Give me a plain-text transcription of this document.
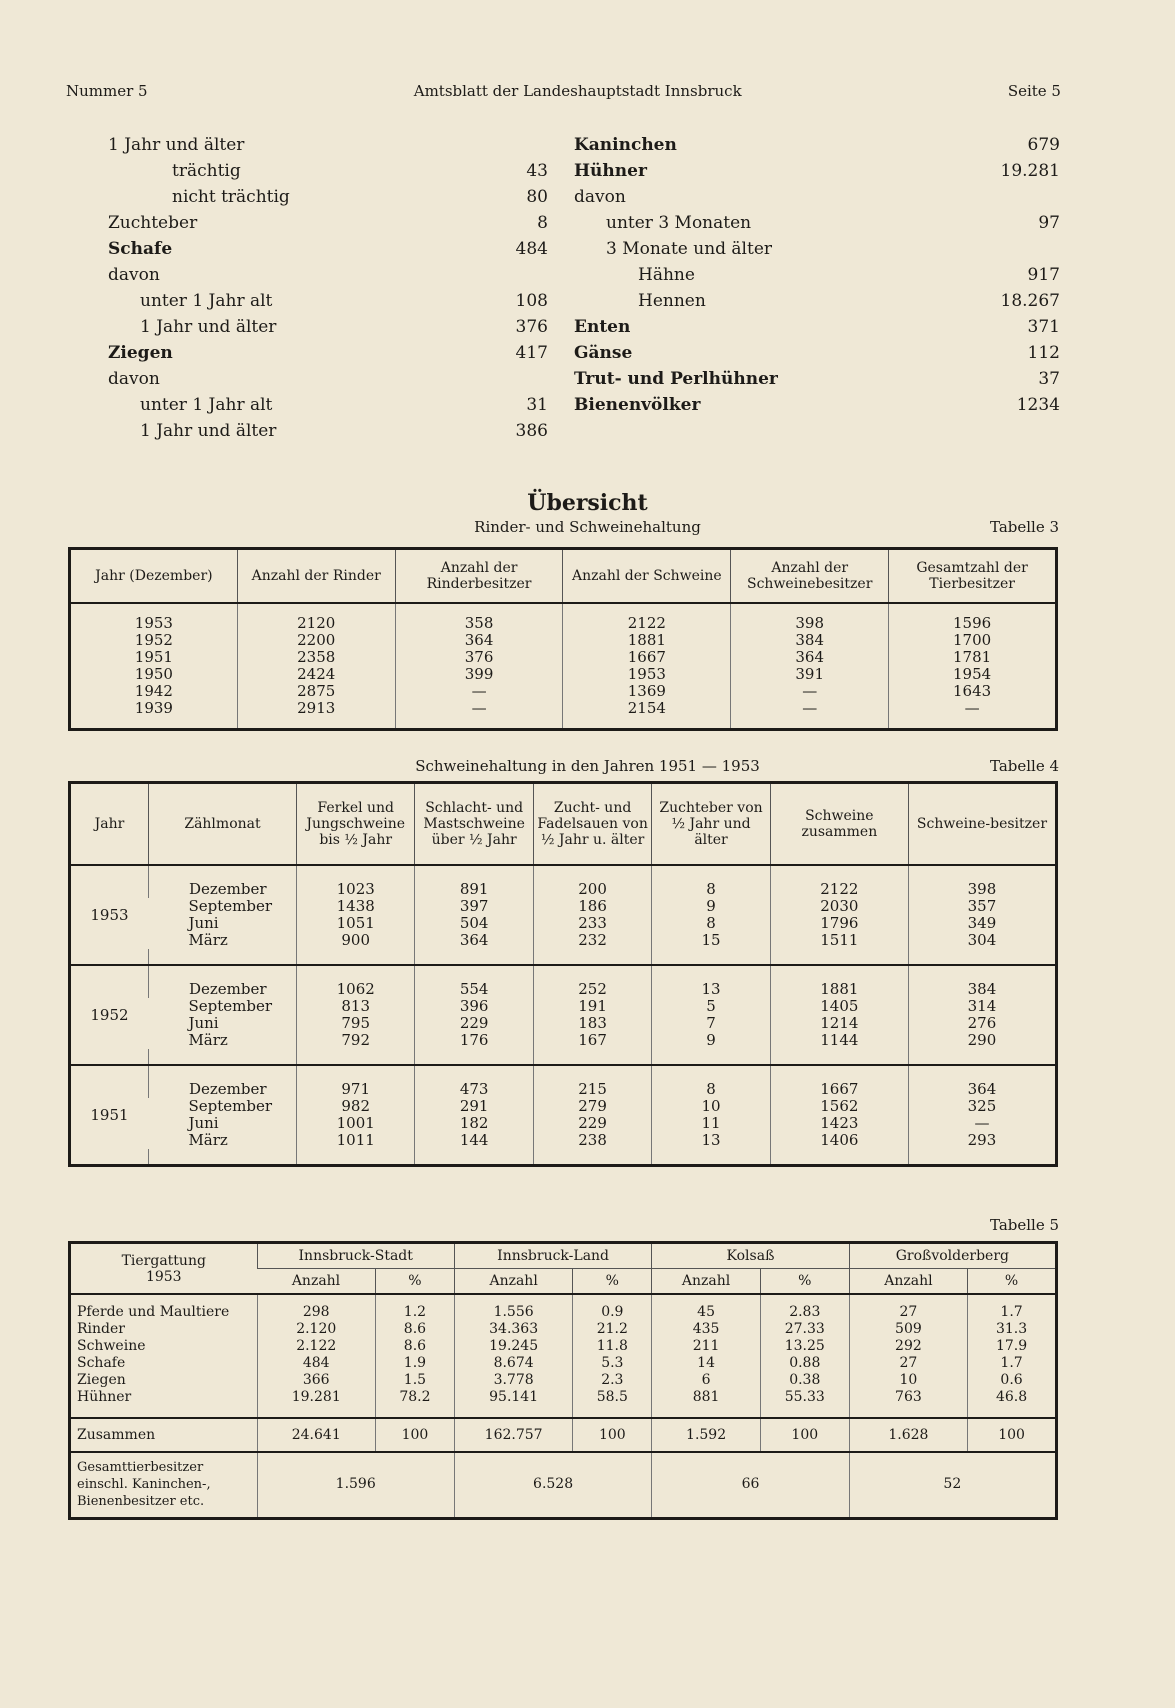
Nummer 5	Amtsblatt der Landeshauptstadt Innsbruck	Seite 5
1 Jahr und älter
trächtig	43
nicht trächtig	80
Zuchteber	8
Schafe	484
davon
unter 1 Jahr alt	108
1 Jahr und älter	376
Ziegen	417
davon
unter 1 Jahr alt	31
1 Jahr und älter	386
Kaninchen	679
Hühner	19.281
davon
unter 3 Monaten	97
3 Monate und älter
Hähne	917
Hennen	18.267
Enten	371
Gänse	112
Trut- und Perlhühner	37
Bienenvölker	1234
Übersicht
Rinder- und Schweinehaltung	Tabelle 3
Jahr (Dezember)	Anzahl der Rinder	Anzahl der Rinderbesitzer	Anzahl der Schweine	Anzahl der Schweinebesitzer	Gesamtzahl der Tierbesitzer

1953	2120	358	2122	398	1596
1952	2200	364	1881	384	1700
1951	2358	376	1667	364	1781
1950	2424	399	1953	391	1954
1942	2875	—	1369	—	1643
1939	2913	—	2154	—	—

Schweinehaltung in den Jahren 1951 — 1953	Tabelle 4
Jahr	Zählmonat	Ferkel und Jungschweine bis ½ Jahr	Schlacht- und Mastschweine über ½ Jahr	Zucht- und Fadelsauen von ½ Jahr u. älter	Zuchteber von ½ Jahr und älter	Schweine zusammen	Schweine-besitzer

1953	Dezember	1023	891	200	8	2122	398
	September	1438	397	186	9	2030	357
	Juni	1051	504	233	8	1796	349
	März	900	364	232	15	1511	304

1952	Dezember	1062	554	252	13	1881	384
	September	813	396	191	5	1405	314
	Juni	795	229	183	7	1214	276
	März	792	176	167	9	1144	290

1951	Dezember	971	473	215	8	1667	364
	September	982	291	279	10	1562	325
	Juni	1001	182	229	11	1423	—
	März	1011	144	238	13	1406	293

Tabelle 5
Tiergattung
1953	Innsbruck-Stadt		Innsbruck-Land		Kolsaß		Großvolderberg	
	Anzahl	%	Anzahl	%	Anzahl	%	Anzahl	%

Pferde und Maultiere	298	1.2	1.556	0.9	45	2.83	27	1.7
Rinder	2.120	8.6	34.363	21.2	435	27.33	509	31.3
Schweine	2.122	8.6	19.245	11.8	211	13.25	292	17.9
Schafe	484	1.9	8.674	5.3	14	0.88	27	1.7
Ziegen	366	1.5	3.778	2.3	6	0.38	10	0.6
Hühner	19.281	78.2	95.141	58.5	881	55.33	763	46.8

Zusammen	24.641	100	162.757	100	1.592	100	1.628	100
Gesamttierbesitzer einschl. Kaninchen-, Bienenbesitzer etc.	1.596		6.528		66		52	
